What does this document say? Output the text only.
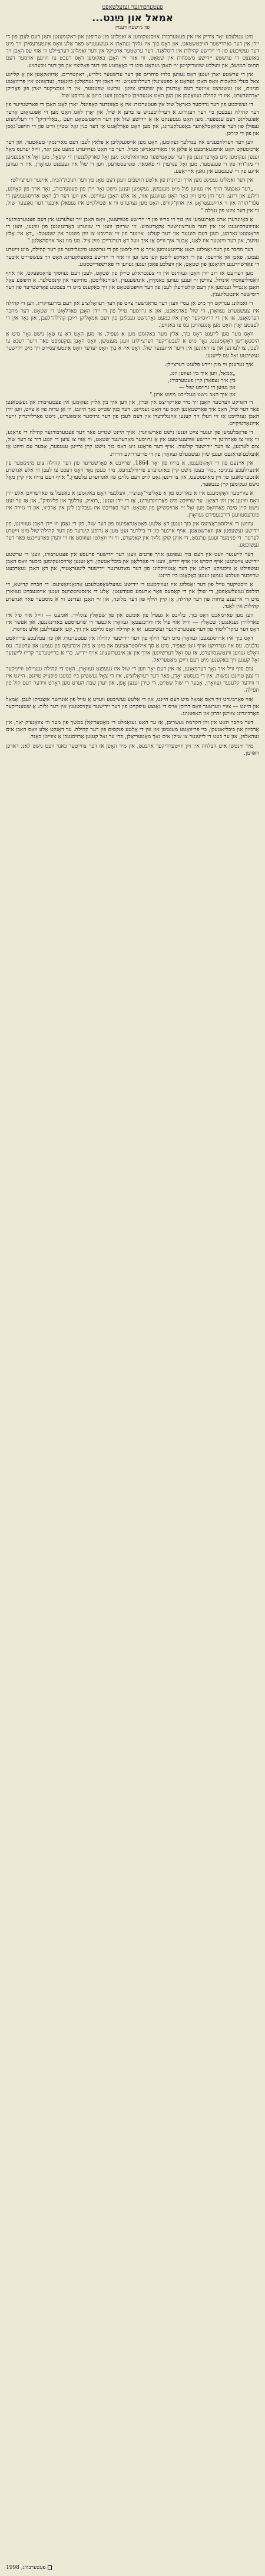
פעטערבורגער געזעלשאפט
אמאל און נײַנט...
פון מ׳שעה דעמין

מיט עטלעכע יאָר צוריק איז אין פעטערבורג אויסגעקומען א זאמלונג פון שריפטן און דאקומענטן וועגן דעם לעבן פון די יידן אין דער נארדישער הויפטשטאט, און דאָס בוך איז גלײַך געוואָרן א געשעעניש פאַר אַלע וואָס אינטערעסירן זיך מיט דער געשיכטע פון די יידישע קהילות אין רוסלאַנד. דער ערשטער אַרטיקל אין דער זאַמלונג דערציילט ווי אַזוי עס האָבן זיך באַזעצט די ערשטע יידישע משפּחות אין שטאָט, ווי אַזוי זיי האָבן באַקומען דאָס רעכט צו וווינען אויסער דעם תּחום־המושבֿ, און וועלכע שוועריקייטן זיי האָבן געהאַט מיט די באַאַמטע פון דער פּאָליציי און פון דער גובערניע.

אין די ערשטע יאָרן זענען דאָס געווען בלויז סוחרים פון דער ערשטער גילדיע, דאָקטוירים, אַדוואָקאַטן און אַ קליינע צאָל בעלי־מלאָכות וואָס האָבן געהאַט אַ ספּעציעלן דערלויבעניש. זיי האָבן זיך געהאַלטן בײַנאַנד, געדאַוונט אין פּריוואַטע מנינים, און געשטיצט איינער דעם אַנדערן אין שווערע צײַטן. ערשט שפּעטער, אין די זעכציקער יאָרן פון פאַריקן יאָרהונדערט, איז די קהילה געוואַקסן און מען האָט אָנגעהויבן טראַכטן וועגן בויען אַ גרויסע שול.

די געשיכטע פון דער גרויסער כאָראַל־שול אין פעטערבורג איז אַ באַזונדער קאַפּיטל. יאָרן לאַנג האָבן די פאָרשטייער פון דער קהילה געבעטן ביי דער רעגירונג אַ דערלויבעניש צו בויען אַ שול, און יאָרן לאַנג האָט מען זיי אָפּגעזאָגט אָדער אָפּגעלייגט דעם ענטפער. מען האָט געטענהט אַז אַ יידישע שול אין דער הויפּטשטאָט וועט ,,באַליידיקן" די רעליגיעזע געפילן פון דער פּראַוואָסלאַווער באַפעלקערונג, און מען האָט פאַרלאַנגט אַז דער בנין זאָל שטיין ווייט פון די הויפּט־גאַסן און פון די קירכן.

ווען דער דערלויבעניש איז ענדלעך געקומען, האָט מען אויסגעקליבן אַ פּלאַץ לעבן דעם מאַרינסקי טעאַטער, און דער אַרכיטעקט האָט אויסגעאַרבעט אַ פּלאַן אין מאַוריטאַנישן סטיל. דער בוי האָט געדויערט כמעט צען יאָר, ווײַל יעדעס מאָל זענען געקומען נײַע פאָדערונגען פון דער שטאָטישער פאַרוואַלטונג: מען זאָל פאַרקלענערן די קופּאָל, מען זאָל אַראָפּנעמען די מגן־דוד פון די פענצטער, מען זאָל ענדערן די פֿאַסאַד. פונדעסטוועגן, ווען די שול איז געעפנט געוואָרן, איז זי געווען איינע פון די שענסטע אין גאַנץ אייראָפּע.

אין דער זאַמלונג געפינט מען אויך זכרונות פון אַלטע תּושבֿים וועגן דעם טאָג פון דער חנוכת־הבית. איינער דערציילט:

„דער גאַנצער הויף איז געווען פול מיט מענטשן. געקומען זענען נישט נאָר יידן פון פעטערבורג, נאָר אויך פון קאָוונע, ווילנע און ריגע. דער חזן מיט זײַן כאָר האָט געזונגען אַזוי, אַז אַלע האָבן געוויינט. און ווען דער רבֿ האָט אַרויסגענומען די ספֿר־תּורה און זי אַרײַנגעטראָגן אין ארון־קודש, האָט מען געהערט ווי אַ שטילקייט איז געפאַלן איבער דער גאַנצער שול, ווי אין דער צײַט פון נעילה."

אַ באַזונדערן אָרט פאַרנעמען אין בוך די בריוו פון די יידישע סטודענטן, וואָס האָבן זיך געלערנט אין דעם פעטערבורגער אוניווערסיטעט און אין דער מעדיצינישער אַקאַדעמיע. זיי שרײַבן וועגן די שווערע באַדינגונגען פון וווינען, וועגן די פּראָצענט־נאָרמע, וועגן דעם הונגער און דער קעלט. איינער פון זיי שרײַבט צו זײַן מוטער אין שטעטל: „דאָ איז אַלץ טײַער, און דער ווינטער איז לאַנג, אָבער איך ווייס אַז איך וועל דאָ דערגרייכן מײַן ציל. מע מוז נאָר אויסהאַלטן."

דער מחבר פון דער זאַמלונג האָט אַרײַנגענומען אויך אַ ריי ליסטן פון די ערשטע מיטגלידער פון דער קהילה, מיט זייערע נעמען, פאַכן און אַדרעסן. פון די דאָזיקע ליסטן קען מען זען ווי אַזוי די יידישע באַפעלקערונג האָט זיך צעשפּרייט איבער די פאַרשיידענע ראַיאָנען פון שטאָט, און וועלכע פאַכן זענען געווען די פאַרשפּרייטסטע.

מען דערזעט אַז רוב יידן האָבן געוווינט אין די צענטראַלע טיילן פון שטאָט, לעבן דעם נעווסקי פּראָספּעקט, און אויף וואַסיליעווסקי אינדזל. צווישן זיי זענען געווען באַנקירן, אינזשענערן, זשורנאַליסטן, מוזיקער און קינסטלער. אַ היפּשע צאָל האָבן אָנטייל גענומען אין דעם קולטורעלן לעבן פון דער הויפּטשטאָט און זיך באַקענט מיט די בעסטע פאָרשטייער פון דער רוסישער אינטעליגענץ.

די זאַמלונג ענדיקט זיך מיט אַן עסיי וועגן דער טראַגישער צײַט פון דער רעוואָלוציע און דעם בירגערקריג, ווען די קהילה איז צעשטערט געוואָרן, די שול פאַרמאַכט, און אַ גרויסער טייל פון די יידן האָבן פאַרלאָזט די שטאָט. דער מחבר דערמאָנט, אַז אין די דרײַסיקער יאָרן איז כמעט גאָרנישט געבליבן פון דעם אַמאָליקן רײַכן קהילה־לעבן, און נאָר אין די לעצטע יאָרן האָט מען אָנגעהויבן עס צו באַנײַען.

וואָס מער מען לייענט דאָס בוך, אַלץ מער באַקומט מען אַ געפיל, אַז מען האָט דאָ צו טאָן נישט נאָר מיט אַ היסטאָרישן דאָקומענט, נאָר מיט אַ לעבעדיקער דערציילונג וועגן מענטשן, וואָס האָבן געקעמפט פאַר זייער רעכט צו לעבן, צו לערנען און צו דאַוונען אין זייער אייגענער שול. דאָס איז אַ בוך וואָס יעדער וואָס אינטערעסירט זיך מיט יידישער געשיכטע זאָל עס לייענען.

איך געדענק ווי מײַן זיידע פלעגט דערציילן:

„אַמאָל, ווען איך בין געווען יונג,

בין איך געפאָרן קיין פעטערבורג,

און געזען די גרויסע שול —

און איך האָב נישט געגלייבט מײַנע אויגן."

די דאָזיקע ווערטער האָבן זיך מיר פאַרקריצט אין זכּרון, און ווען איך בין אַליין געקומען אין פעטערבורג און געשטאַנען פאַר דער שול, האָב איך פאַרשטאַנען וואָס ער האָט געמיינט. דער בנין שטייט נאָך היינט, ווי אַן עדות פון אַ צײַט, ווען יידן האָבן געגלייבט אַז זיי וועלן זיך קענען אײַנגלידערן אין דעם לעבן פון דער גרויסער אימפּעריע, נישט פאַרלירנדיק זייער אייגנאַרטיקייט.

די פּראָבלעמען פון יענער צײַט זענען נישט פאַרשוווּנדן. אויך היינט שטייט פאַר דער פעטערבורגער קהילה די פראַגע, ווי אַזוי צו פאַרהיטן די יידישע אידענטיטעט אין אַ גרויסער מאָדערנער שטאָט, ווי אַזוי צו ציִען די יונגע דור צו דער שול, צום לערנען, צו דער יידישער קולטור. אויף דער פראַגע גיט דאָס בוך נישט קיין גרייטן ענטפער, אָבער עס ווײַזט אַז אַזעלכע פראַגעס זענען שוין געשטעלט געוואָרן פון די פריערדיקע דורות.

אין איינעם פון די דאָקומענטן, אַ בריוו פון יאָר 1864, שרײַבט אַ פאָרשטייער פון דער קהילה צום מיניסטער פון אינערלעכע ענינים: „מיר בעטן נישט קיין באַזונדערע פּריווילעגיעס, מיר בעטן נאָר דאָס רעכט צו לעבן ווי אַלע אַנדערע אונטערטאַנען פון זײַן מאַיעסטעט, און צו דינען גאָט לויט דעם גלויבן פון אונדזערע עלטערן." אויף דעם בריוו איז קיין מאָל נישט געקומען קיין ענטפער.

אַ צווייטער דאָקומענט איז אַ באַריכט פון אַ פּאָליציי־אָפיציר, וועלכער האָט באַקומען אַ באַפעל צו פאַרשרײַבן אַלע יידן וואָס וווינען אין זײַן ראַיאָן. ער שרײַבט מיט פאַרוווּנדערונג, אַז די יידן זענען ,,רואיק, ערלעך און פלײַסיק", און אַז ער זעט נישט קיין סיבה פאַרוואָס מען זאָל זיי אַרויסשיקן פון שטאָט. דער באַריכט איז געבליבן ליגן אין אַרכיוו, און די גזירה איז פונדעסטוועגן דורכגעפירט געוואָרן.

צווישן די אילוסטראַציעס אין בוך זענען דאָ אַלטע פאָטאָגראַפיעס פון דער שול, פון די גאַסן וווּ יידן האָבן געוווינט, פון יידישע געשעפטן און וואַרשטאַטן. אויף איינער פון די בילדער זעט מען אַ גרופּע קינדער פון דער קהילה־שול מיט זייערע לערער. די פּנימער זענען ערנסט, די אויגן קוקן גלײַך אין קאַמערע, ווי זיי וואָלטן געוווּסט אַז זיי ווערן פאַרצייכנט פאַר דער געשיכטע.

דער לייענער וועט אין דעם בוך געפינען אויך פּרטים וועגן דער יידישער פרעסע אין פעטערבורג, וועגן די ערשטע יידישע צײַטונגען אויף רוסיש און אויף יידיש, וועגן די פאַרלאַגן און ביבליאָטעקן. דאָ זענען אַרויסגעקומען ביכער וואָס האָבן געשפּילט אַ וויכטיקע ראָלע אין דער אַנטוויקלונג פון דער מאָדערנער יידישער ליטעראַטור, און דאָ האָבן געאַרבעט שרײַבער וועלכע נעמען זענען באַקאַנט ביז היינט.

אַ וויכטיקער טייל פון דער זאַמלונג איז געווידמעט די יידישע געזעלשאַפטלעכע אָרגאַניזאַציעס: די חבֿרה קדישא, די הילפס־געזעלשאַפטן, די שולן און די קאַסעס פאַר אָרעמע סטודענטן. אַלע די אינסטיטוציעס זענען אויפגעבויט געוואָרן מיט די אייגענע כּוחות פון דער קהילה, אָן קיין הילף פון דער מלוכה, און זיי האָבן געדינט ווי אַ מוסטער פאַר אַנדערע קהילות אין לאַנד.

ווען מען פאַרמאַכט דאָס בוך, בלײַבט אַ געפיל פון אומעט און פון שטאָלץ צוגלײַך. אומעט — ווײַל אַזוי פיל איז פאַרלוירן געגאַנגען; שטאָלץ — ווײַל אַזוי פיל איז דורכגעטאָן געוואָרן אונטער די שווערסטע באַדינגונגען. און אפשר איז דאָס דער עיקר־לימוד פון דער פעטערבורגער געשיכטע: אַז אַ קהילה וואָס גלייבט אין זיך, קען איבערלעבן אַלע נסיונות.

דאָס בוך איז אַרויסגעגעבן געוואָרן מיט דער הילף פון דער יידישער קהילה אין פעטערבורג און פון עטלעכע פּריוואַטע נדבֿנים. עס איז געדרוקט אויף גוטן פּאַפּיר, מיט אַ סך אילוסטראַציעס און מיט אַ פולן אינדעקס פון נעמען און ערטער. עס וואָלט געווען ווינטשנסווערט, אַז עס זאָל דערשײַנען אויך אין אַן איבערזעצונג אויף יידיש, כּדי אַ ברייטערער קרייז לייענער זאָל קענען זיך באַקענען מיט דעם רײַכן מאַטעריאַל.

צום סוף וויל איך נאָך דערמאָנען, אַז אין דעם יאָר ווען די שול איז געעפנט געוואָרן, האָט די קהילה געציילט ווייניקער ווי צען טויזנט נפשות. אין די בעסטע יאָרן, פאַר דער רעוואָלוציע, איז די צאָל געשטיגן ביז כמעט פופציק טויזנט. היינט איז זי ווידער קלענער געוואָרן, אָבער די שול שטייט, די טירן זענען אָפן, און יעדן שבת הערט מען דאָרט ווידער דעם קול פון תּפֿילה.

אַזוי פאַרבינדט זיך דאָס אַמאָל מיט דעם היינט, און די אַלטע געשיכטע ווערט אַ טייל פון אונדזער איצטיקן לעבן. אַמאָל און היינט — צוויי ווערטער וואָס דריקן אויס די גאַנצע טיפקייט פון דער יידישער עקזיסטענץ אין דער גלות: אַ שטענדיקער פאַרבינדונג צווישן זכּרון און האָפענונג.

דער מחבר האָט אין זײַן הקדמה געשריבן, אַז ער האָט געזאַמלט די מאַטעריאַלן במשך פון מער ווי צוואַנציק יאָר, אין אַרכיוון און ביבליאָטעקן, ביי פּריוואַטע מענטשן און אין די אַלטע פּנקסים פון דער קהילה. ער דאַנקט אַלע וואָס האָבן אים געהאָלפן, און ער בעט די לייענער צו שיקן אים נאָך מאַטעריאַלן, כּדי ער זאָל קענען אַרויסגעבן אַ צווייטן באַנד.

מיר ווינטשן אים הצלחה אין זײַן ווײַטערדיקער אַרבעט, און מיר האָפן אַז דער צווייטער באַנד וועט נישט לאַנג דאַרפן וואַרטן.

פעטערבורג, 1998
